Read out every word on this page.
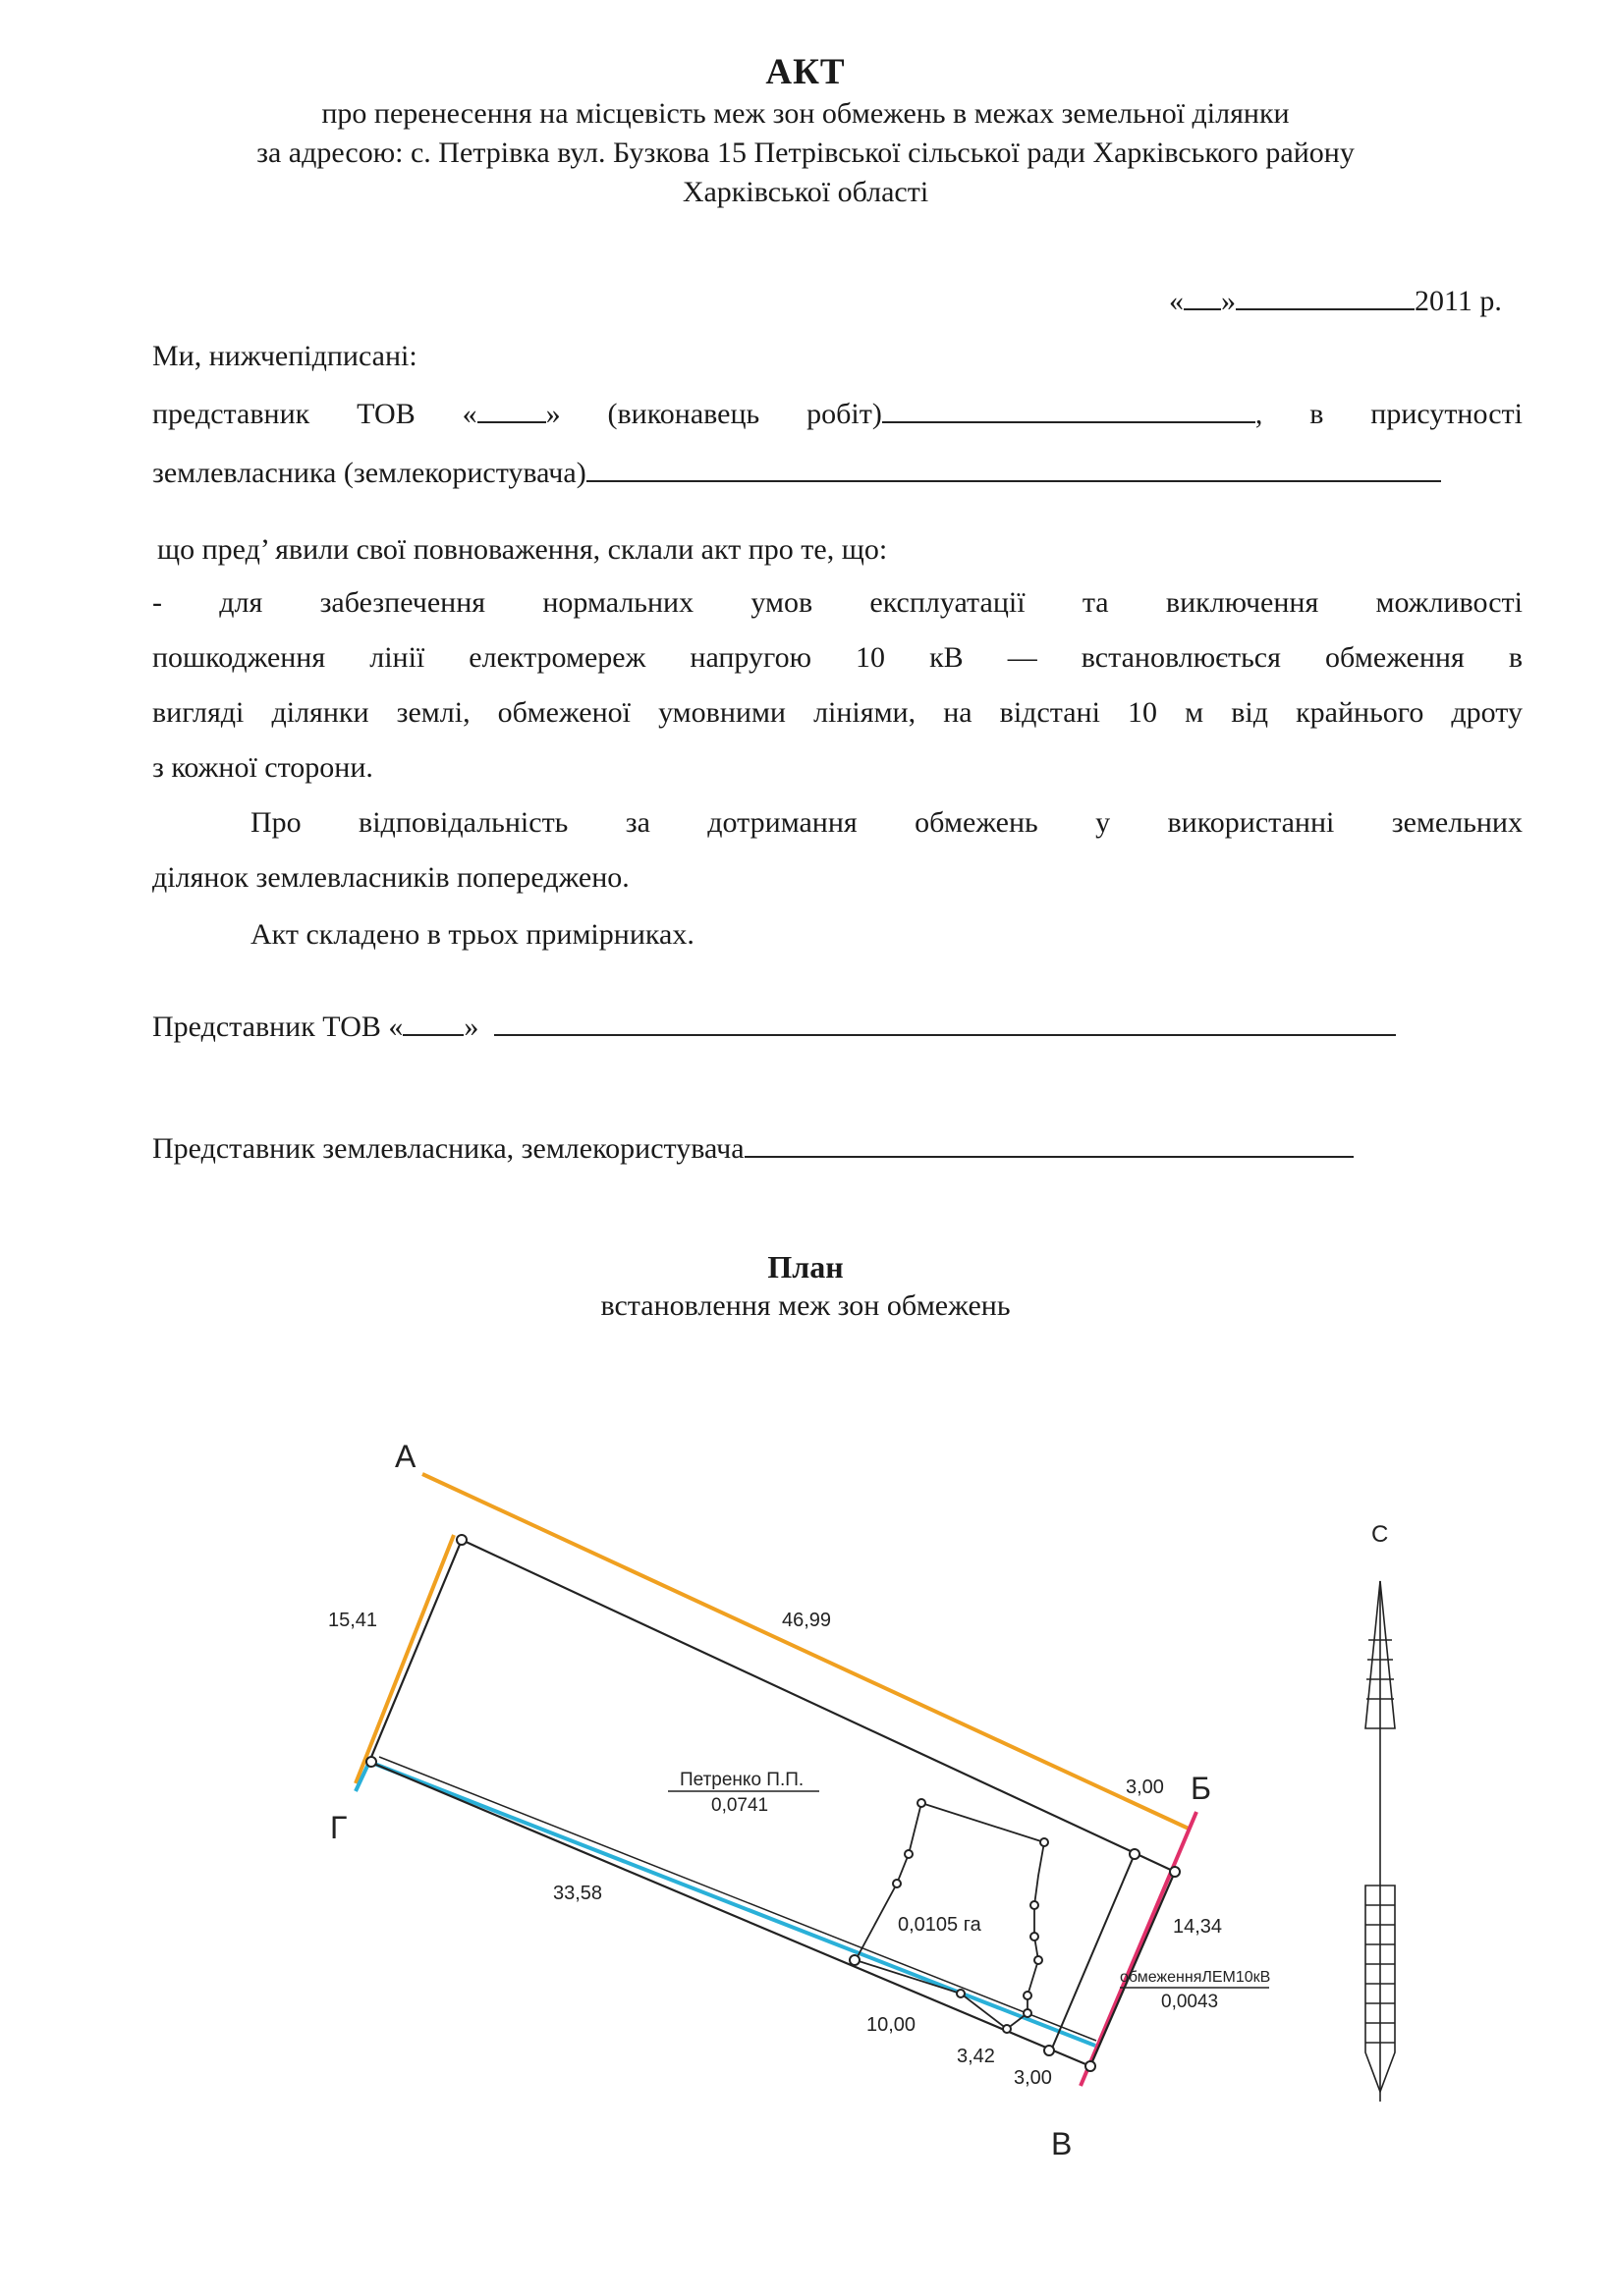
АКТ
про перенесення на місцевість меж зон обмежень в межах земельної ділянки
за адресою: с. Петрівка вул. Бузкова 15 Петрівської сільської ради Харківського району
Харківської області
« »	2011 р.
Ми, нижчепідписані:
представник ТОВ « » (виконавець робіт)	, в присутності
землевласника (землекористувача)
що пред’ явили свої повноваження, склали акт про те, що:
- для забезпечення нормальних умов експлуатації та виключення можливості
пошкодження лінії електромереж напругою 10 кВ — встановлюється обмеження в
вигляді ділянки землі, обмеженої умовними лініями, на відстані 10 м від крайнього дроту
з кожної сторони.
Про відповідальність за дотримання обмежень у використанні земельних
ділянок землевласників попереджено.
Акт складено в трьох примірниках.
Представник ТОВ « »
Представник землевласника, землекористувача
План
встановлення меж зон обмежень
А
Г
Б
В
15,41	46,99
33,58
14,34
3,00
10,00
3,42
3,00
Петренко П.П.
0,0741
0,0105 га
обмеженняЛЕМ10кВ
0,0043
С
